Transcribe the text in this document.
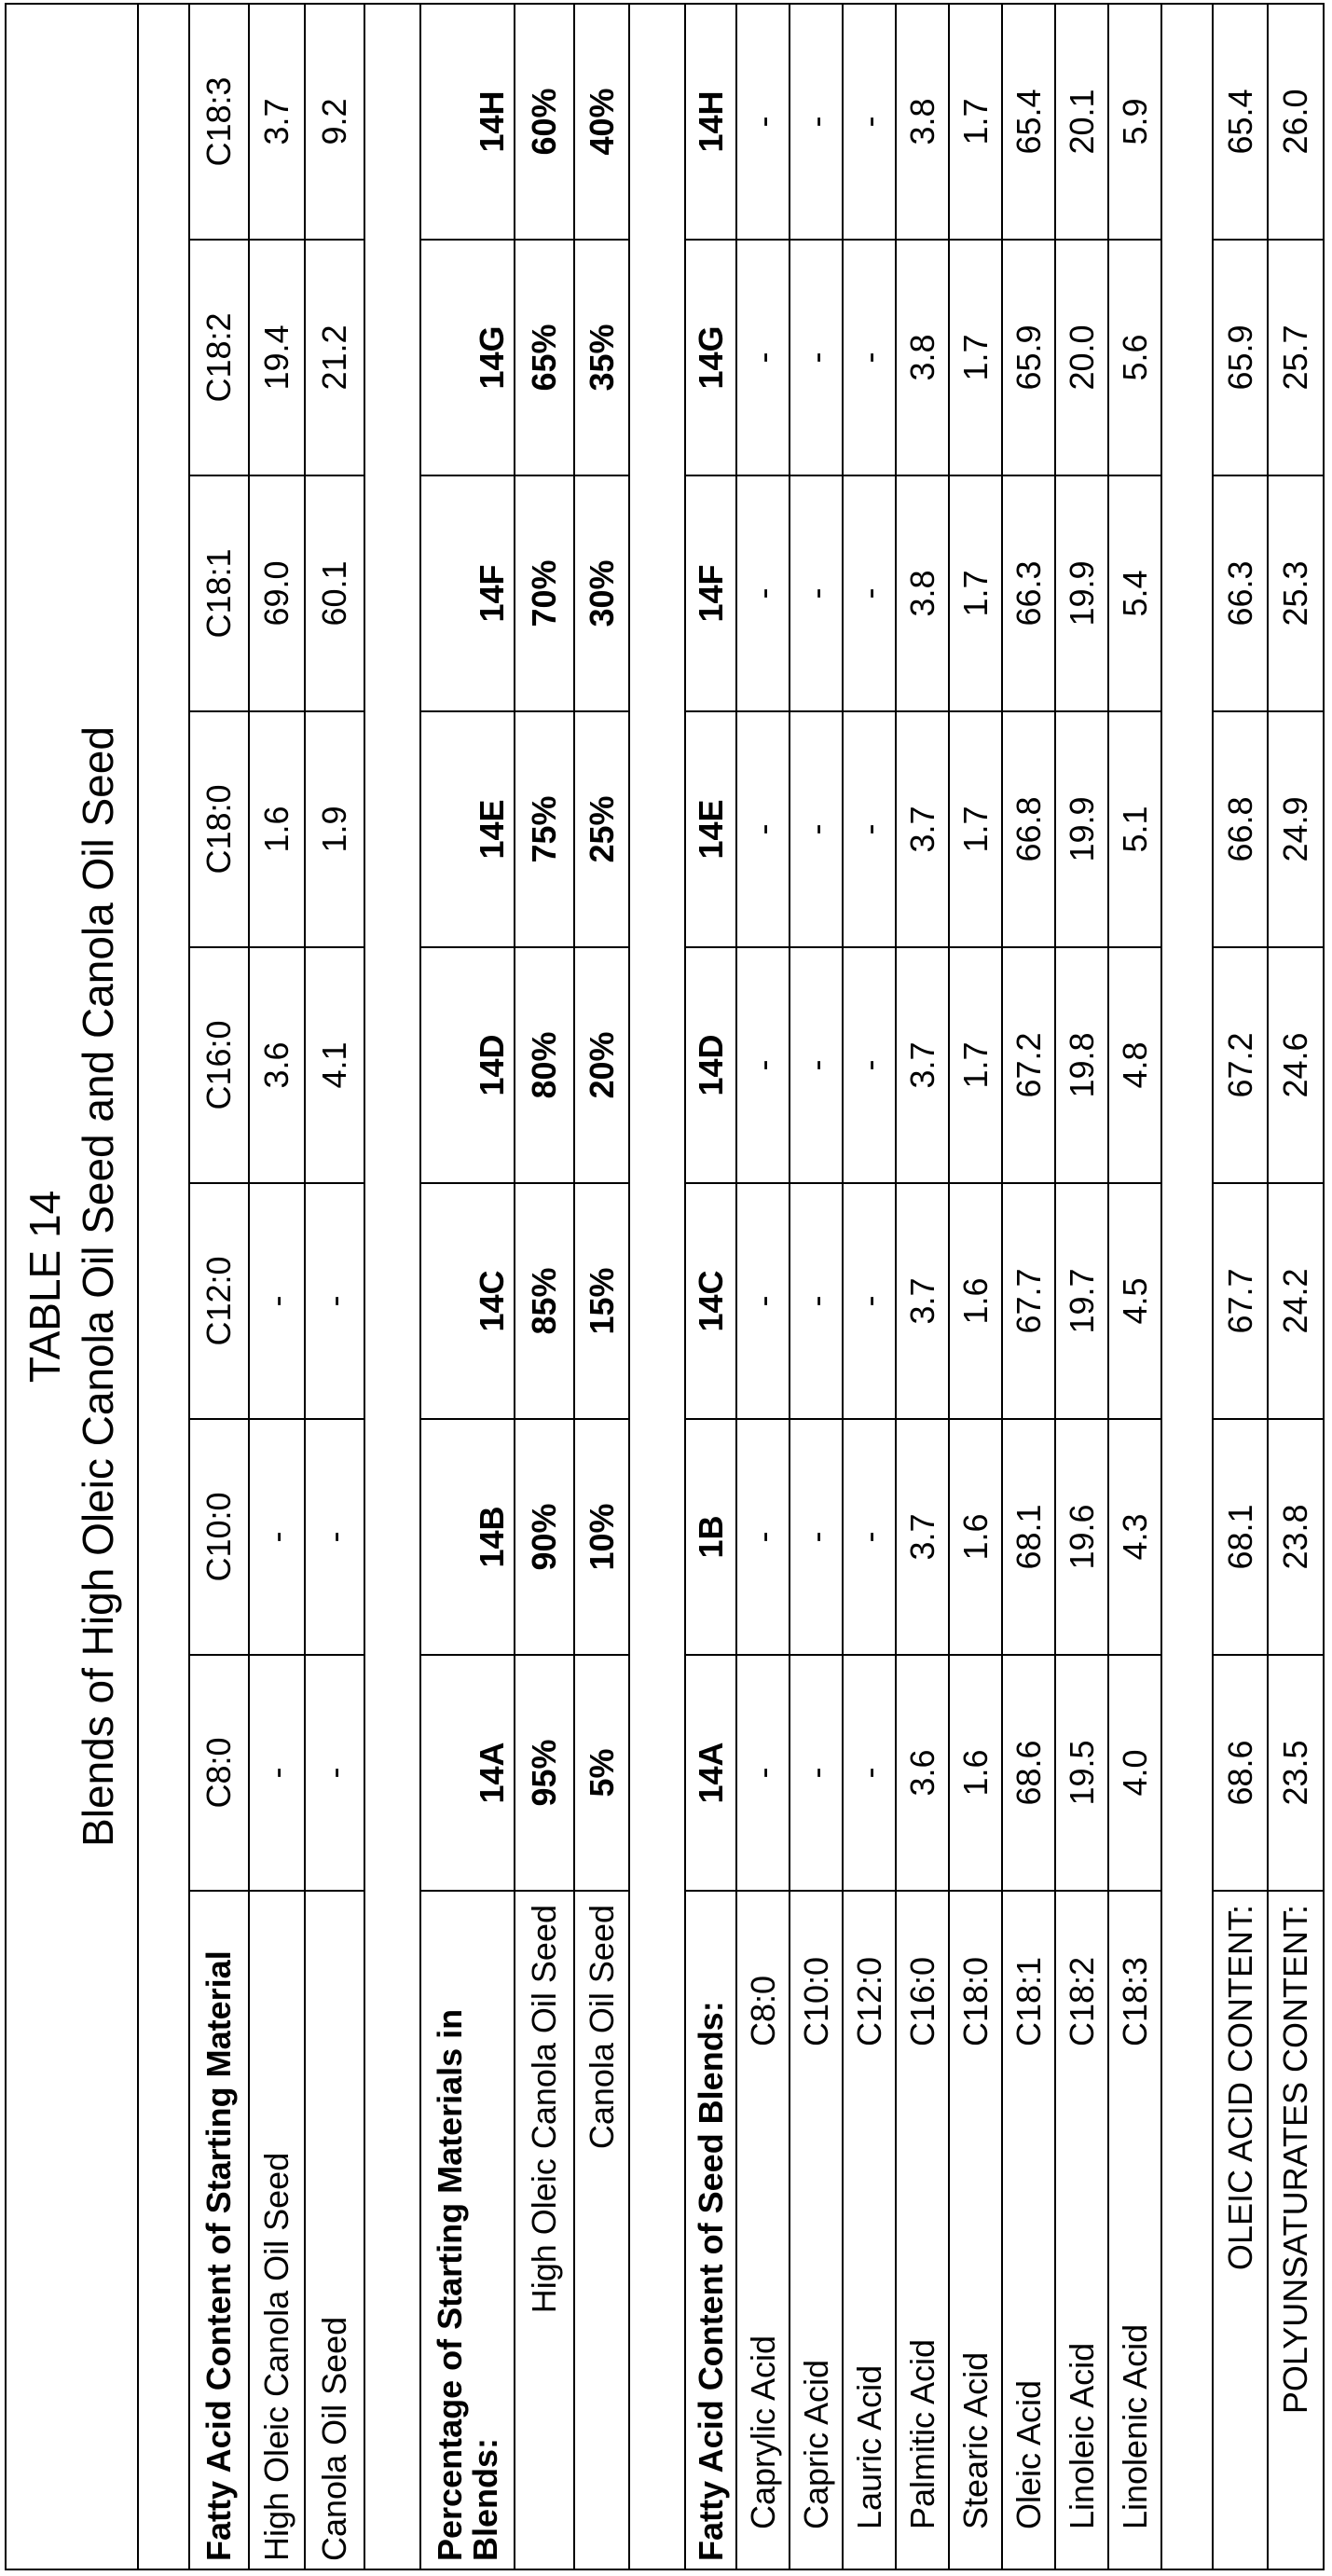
TABLE 14 Blends of High Oleic Canola Oil Seed and Canola Oil Seed

Fatty Acid Content of Starting Material	C8:0	C10:0	C12:0	C16:0	C18:0	C18:1	C18:2	C18:3
High Oleic Canola Oil Seed	-	-	-	3.6	1.6	69.0	19.4	3.7
Canola Oil Seed	-	-	-	4.1	1.9	60.1	21.2	9.2

Percentage of Starting Materials in
Blends:
	14A	14B	14C	14D	14E	14F	14G	14H
High Oleic Canola Oil Seed	95%	90%	85%	80%	75%	70%	65%	60%
Canola Oil Seed	5%	10%	15%	20%	25%	30%	35%	40%

Fatty Acid Content of Seed Blends:	14A	1B	14C	14D	14E	14F	14G	14H

Caprylic Acid
C8:0
	-	-	-	-	-	-	-	-

Capric Acid
C10:0
	-	-	-	-	-	-	-	-

Lauric Acid
C12:0
	-	-	-	-	-	-	-	-

Palmitic Acid
C16:0
	3.6	3.7	3.7	3.7	3.7	3.8	3.8	3.8

Stearic Acid
C18:0
	1.6	1.6	1.6	1.7	1.7	1.7	1.7	1.7

Oleic Acid
C18:1
	68.6	68.1	67.7	67.2	66.8	66.3	65.9	65.4

Linoleic Acid
C18:2
	19.5	19.6	19.7	19.8	19.9	19.9	20.0	20.1

Linolenic Acid
C18:3
	4.0	4.3	4.5	4.8	5.1	5.4	5.6	5.9

OLEIC ACID CONTENT:	68.6	68.1	67.7	67.2	66.8	66.3	65.9	65.4
POLYUNSATURATES CONTENT:	23.5	23.8	24.2	24.6	24.9	25.3	25.7	26.0
